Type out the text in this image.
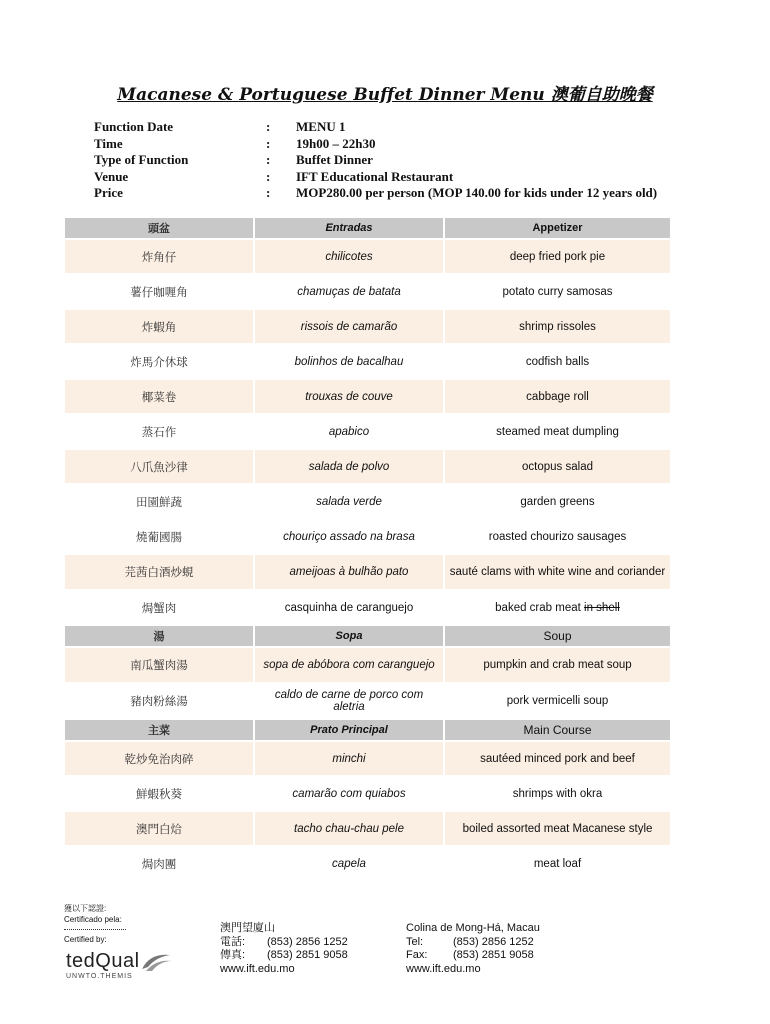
Macanese & Portuguese Buffet Dinner Menu 澳葡自助晚餐
Function Date	:	MENU 1
Time	:	19h00 – 22h30
Type of Function	:	Buffet Dinner
Venue	:	IFT Educational Restaurant
Price	:	MOP280.00 per person (MOP 140.00 for kids under 12 years old)
頭盆	Entradas	Appetizer
炸角仔	chilicotes	deep fried pork pie
薯仔咖喱角	chamuças de batata	potato curry samosas
炸蝦角	rissois de camarão	shrimp rissoles
炸馬介休球	bolinhos de bacalhau	codfish balls
椰菜卷	trouxas de couve	cabbage roll
蒸石作	apabico	steamed meat dumpling
八爪魚沙律	salada de polvo	octopus salad
田園鮮蔬	salada verde	garden greens
燒葡國腸	chouriço assado na brasa	roasted chourizo sausages
芫茜白酒炒蜆	ameijoas à bulhão pato	sauté clams with white wine and coriander
焗蟹肉	casquinha de caranguejo	baked crab meat in shell
湯	Sopa	Soup
南瓜蟹肉湯	sopa de abóbora com caranguejo	pumpkin and crab meat soup
豬肉粉絲湯	caldo de carne de porco com aletria	pork vermicelli soup
主菜	Prato Principal	Main Course
乾炒免治肉碎	minchi	sautéed minced pork and beef
鮮蝦秋葵	camarão com quiabos	shrimps with okra
澳門白烚	tacho chau-chau pele	boiled assorted meat Macanese style
焗肉團	capela	meat loaf
獲以下認證:
Certificado pela:
Certified by:
tedQual
UNWTO.THEMIS
澳門望廈山
電話:	(853) 2856 1252
傳真:	(853) 2851 9058
www.ift.edu.mo
Colina de Mong-Há, Macau
Tel:	(853) 2856 1252
Fax:	(853) 2851 9058
www.ift.edu.mo
